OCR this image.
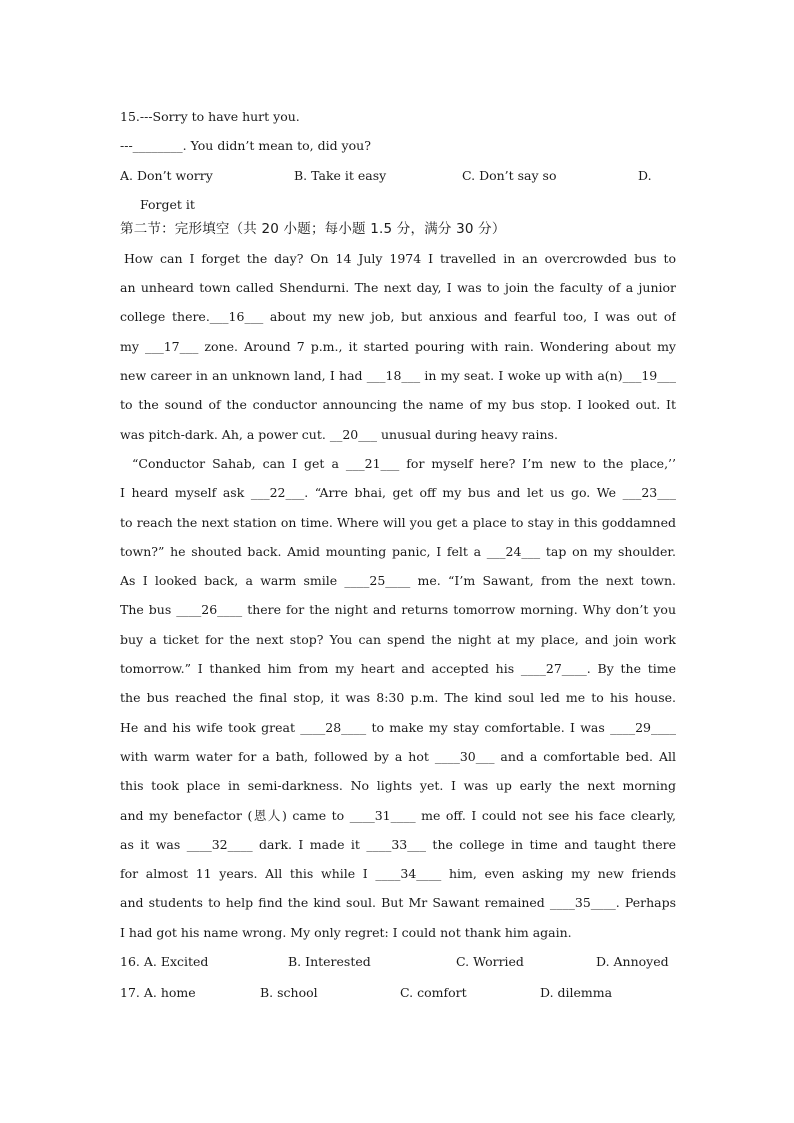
15.---Sorry to have hurt you.
---________. You didn’t mean to, did you?
A. Don’t worry	B. Take it easy	C. Don’t say so	D.
Forget it
第二节：完形填空（共 20 小题；每小题 1.5 分，满分 30 分）
How can I forget the day? On 14 July 1974 I travelled in an overcrowded bus to
an unheard town called Shendurni. The next day, I was to join the faculty of a junior
college there.___16___ about my new job, but anxious and fearful too, I was out of
my ___17___ zone. Around 7 p.m., it started pouring with rain. Wondering about my
new career in an unknown land, I had ___18___ in my seat. I woke up with a(n)___19___
to the sound of the conductor announcing the name of my bus stop. I looked out. It
was pitch-dark. Ah, a power cut. __20___ unusual during heavy rains.
“Conductor Sahab, can I get a ___21___ for myself here? I’m new to the place,’’
I heard myself ask ___22___. “Arre bhai, get off my bus and let us go. We ___23___
to reach the next station on time. Where will you get a place to stay in this goddamned
town?” he shouted back. Amid mounting panic, I felt a ___24___ tap on my shoulder.
As I looked back, a warm smile ____25____ me. “I’m Sawant, from the next town.
The bus ____26____ there for the night and returns tomorrow morning. Why don’t you
buy a ticket for the next stop? You can spend the night at my place, and join work
tomorrow.” I thanked him from my heart and accepted his ____27____. By the time
the bus reached the final stop, it was 8:30 p.m. The kind soul led me to his house.
He and his wife took great ____28____ to make my stay comfortable. I was ____29____
with warm water for a bath, followed by a hot ____30___ and a comfortable bed. All
this took place in semi-darkness. No lights yet. I was up early the next morning
and my benefactor (恩人) came to ____31____ me off. I could not see his face clearly,
as it was ____32____ dark. I made it ____33___ the college in time and taught there
for almost 11 years. All this while I ____34____ him, even asking my new friends
and students to help find the kind soul. But Mr Sawant remained ____35____. Perhaps
I had got his name wrong. My only regret: I could not thank him again.
16. A. Excited	B. Interested	C. Worried	D. Annoyed
17. A. home	B. school	C. comfort	D. dilemma
